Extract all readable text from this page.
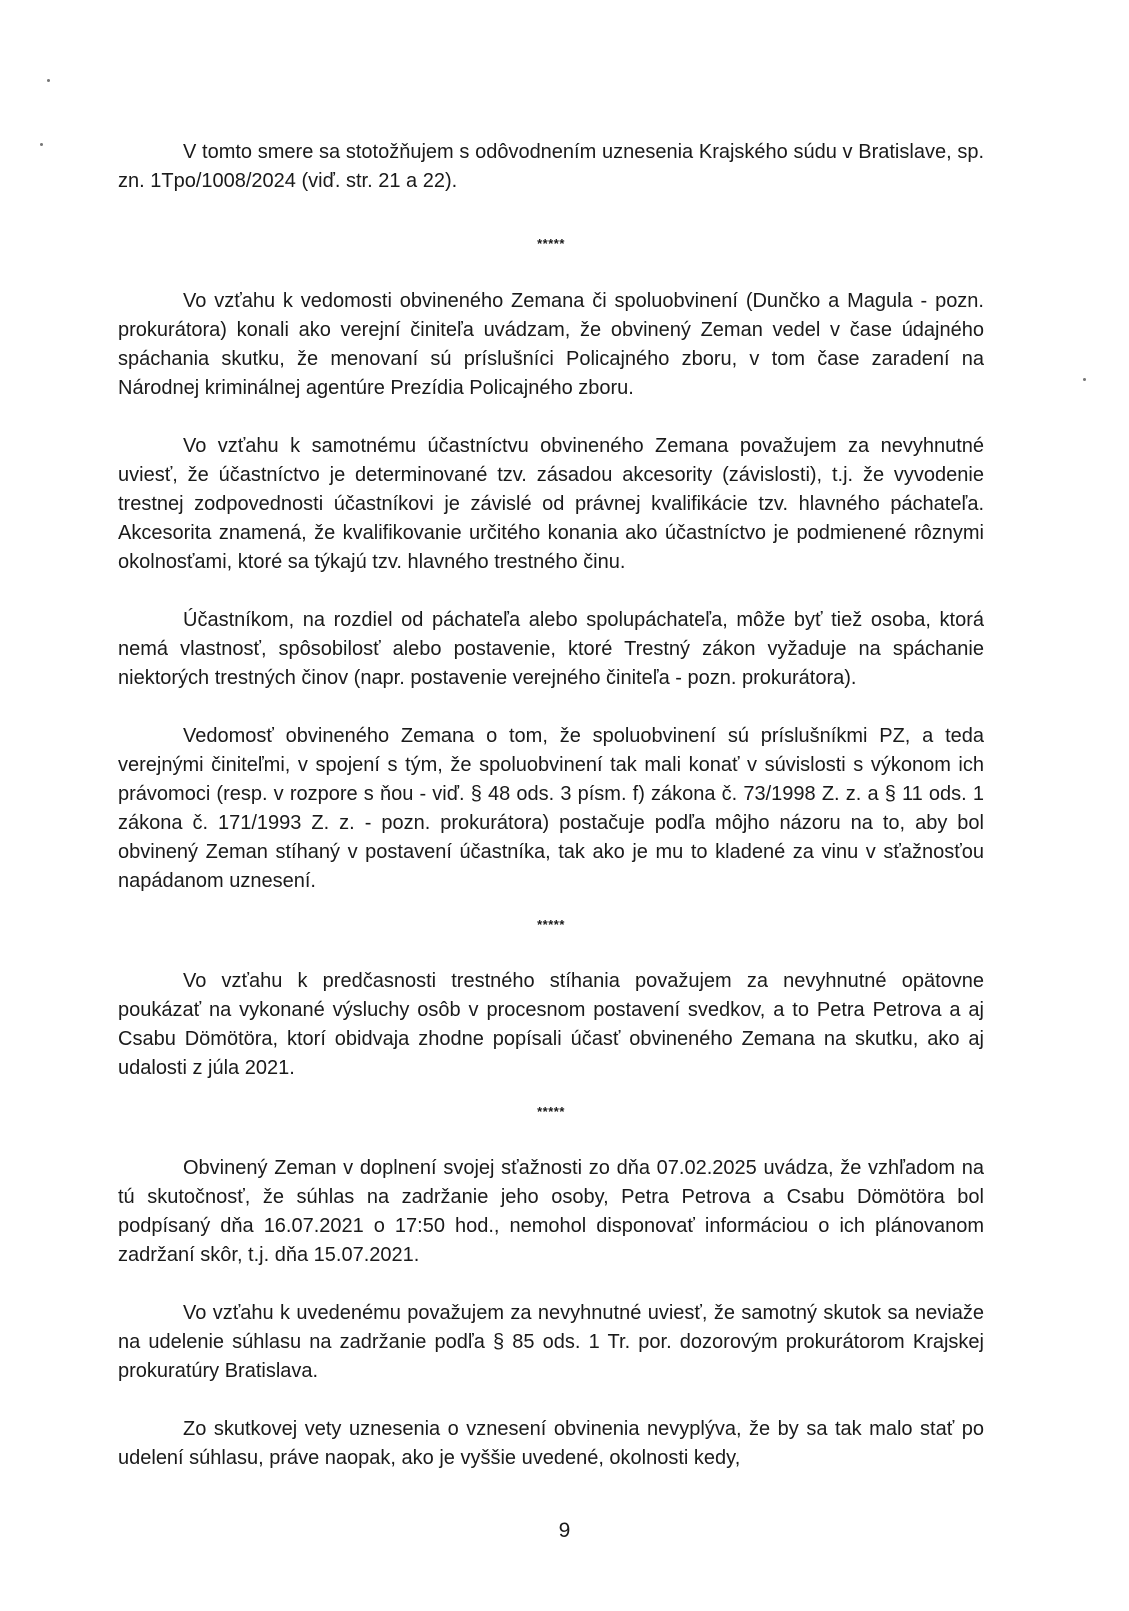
V tomto smere sa stotožňujem s odôvodnením uznesenia Krajského súdu v Bratislave, sp. zn. 1Tpo/1008/2024 (viď. str. 21 a 22).

*****

Vo vzťahu k vedomosti obvineného Zemana či spoluobvinení (Dunčko a Magula - pozn. prokurátora) konali ako verejní činiteľa uvádzam, že obvinený Zeman vedel v čase údajného spáchania skutku, že menovaní sú príslušníci Policajného zboru, v tom čase zaradení na Národnej kriminálnej agentúre Prezídia Policajného zboru.

Vo vzťahu k samotnému účastníctvu obvineného Zemana považujem za nevyhnutné uviesť, že účastníctvo je determinované tzv. zásadou akcesority (závislosti), t.j. že vyvodenie trestnej zodpovednosti účastníkovi je závislé od právnej kvalifikácie tzv. hlavného páchateľa. Akcesorita znamená, že kvalifikovanie určitého konania ako účastníctvo je podmienené rôznymi okolnosťami, ktoré sa týkajú tzv. hlavného trestného činu.

Účastníkom, na rozdiel od páchateľa alebo spolupáchateľa, môže byť tiež osoba, ktorá nemá vlastnosť, spôsobilosť alebo postavenie, ktoré Trestný zákon vyžaduje na spáchanie niektorých trestných činov (napr. postavenie verejného činiteľa - pozn. prokurátora).

Vedomosť obvineného Zemana o tom, že spoluobvinení sú príslušníkmi PZ, a teda verejnými činiteľmi, v spojení s tým, že spoluobvinení tak mali konať v súvislosti s výkonom ich právomoci (resp. v rozpore s ňou - viď. § 48 ods. 3 písm. f) zákona č. 73/1998 Z. z. a § 11 ods. 1 zákona č. 171/1993 Z. z. - pozn. prokurátora) postačuje podľa môjho názoru na to, aby bol obvinený Zeman stíhaný v postavení účastníka, tak ako je mu to kladené za vinu v sťažnosťou napádanom uznesení.

*****

Vo vzťahu k predčasnosti trestného stíhania považujem za nevyhnutné opätovne poukázať na vykonané výsluchy osôb v procesnom postavení svedkov, a to Petra Petrova a aj Csabu Dömötöra, ktorí obidvaja zhodne popísali účasť obvineného Zemana na skutku, ako aj udalosti z júla 2021.

*****

Obvinený Zeman v doplnení svojej sťažnosti zo dňa 07.02.2025 uvádza, že vzhľadom na tú skutočnosť, že súhlas na zadržanie jeho osoby, Petra Petrova a Csabu Dömötöra bol podpísaný dňa 16.07.2021 o 17:50 hod., nemohol disponovať informáciou o ich plánovanom zadržaní skôr, t.j. dňa 15.07.2021.

Vo vzťahu k uvedenému považujem za nevyhnutné uviesť, že samotný skutok sa neviaže na udelenie súhlasu na zadržanie podľa § 85 ods. 1 Tr. por. dozorovým prokurátorom Krajskej prokuratúry Bratislava.

Zo skutkovej vety uznesenia o vznesení obvinenia nevyplýva, že by sa tak malo stať po udelení súhlasu, práve naopak, ako je vyššie uvedené, okolnosti kedy,

9
